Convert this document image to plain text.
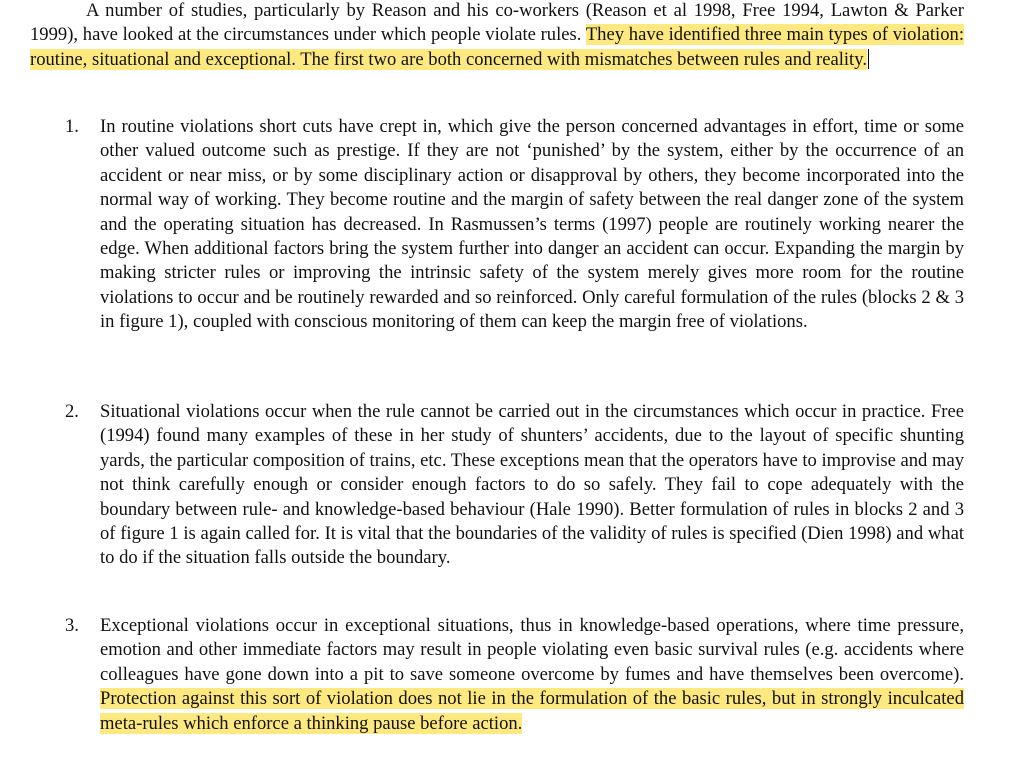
A number of studies, particularly by Reason and his co-workers (Reason et al 1998, Free 1994, Lawton & Parker 1999), have looked at the circumstances under which people violate rules. They have identified three main types of violation: routine, situational and exceptional. The first two are both concerned with mismatches between rules and reality.

1. In routine violations short cuts have crept in, which give the person concerned advantages in effort, time or some other valued outcome such as prestige. If they are not ‘punished’ by the system, either by the occurrence of an accident or near miss, or by some disciplinary action or disapproval by others, they become incorporated into the normal way of working. They become routine and the margin of safety between the real danger zone of the system and the operating situation has decreased. In Rasmussen’s terms (1997) people are routinely working nearer the edge. When additional factors bring the system further into danger an accident can occur. Expanding the margin by making stricter rules or improving the intrinsic safety of the system merely gives more room for the routine violations to occur and be routinely rewarded and so reinforced. Only careful formulation of the rules (blocks 2 & 3 in figure 1), coupled with conscious monitoring of them can keep the margin free of violations.

2. Situational violations occur when the rule cannot be carried out in the circumstances which occur in practice. Free (1994) found many examples of these in her study of shunters’ accidents, due to the layout of specific shunting yards, the particular composition of trains, etc. These exceptions mean that the operators have to improvise and may not think carefully enough or consider enough factors to do so safely. They fail to cope adequately with the boundary between rule- and knowledge-based behaviour (Hale 1990). Better formulation of rules in blocks 2 and 3 of figure 1 is again called for. It is vital that the boundaries of the validity of rules is specified (Dien 1998) and what to do if the situation falls outside the boundary.

3. Exceptional violations occur in exceptional situations, thus in knowledge-based operations, where time pressure, emotion and other immediate factors may result in people violating even basic survival rules (e.g. accidents where colleagues have gone down into a pit to save someone overcome by fumes and have themselves been overcome). Protection against this sort of violation does not lie in the formulation of the basic rules, but in strongly inculcated meta-rules which enforce a thinking pause before action.
